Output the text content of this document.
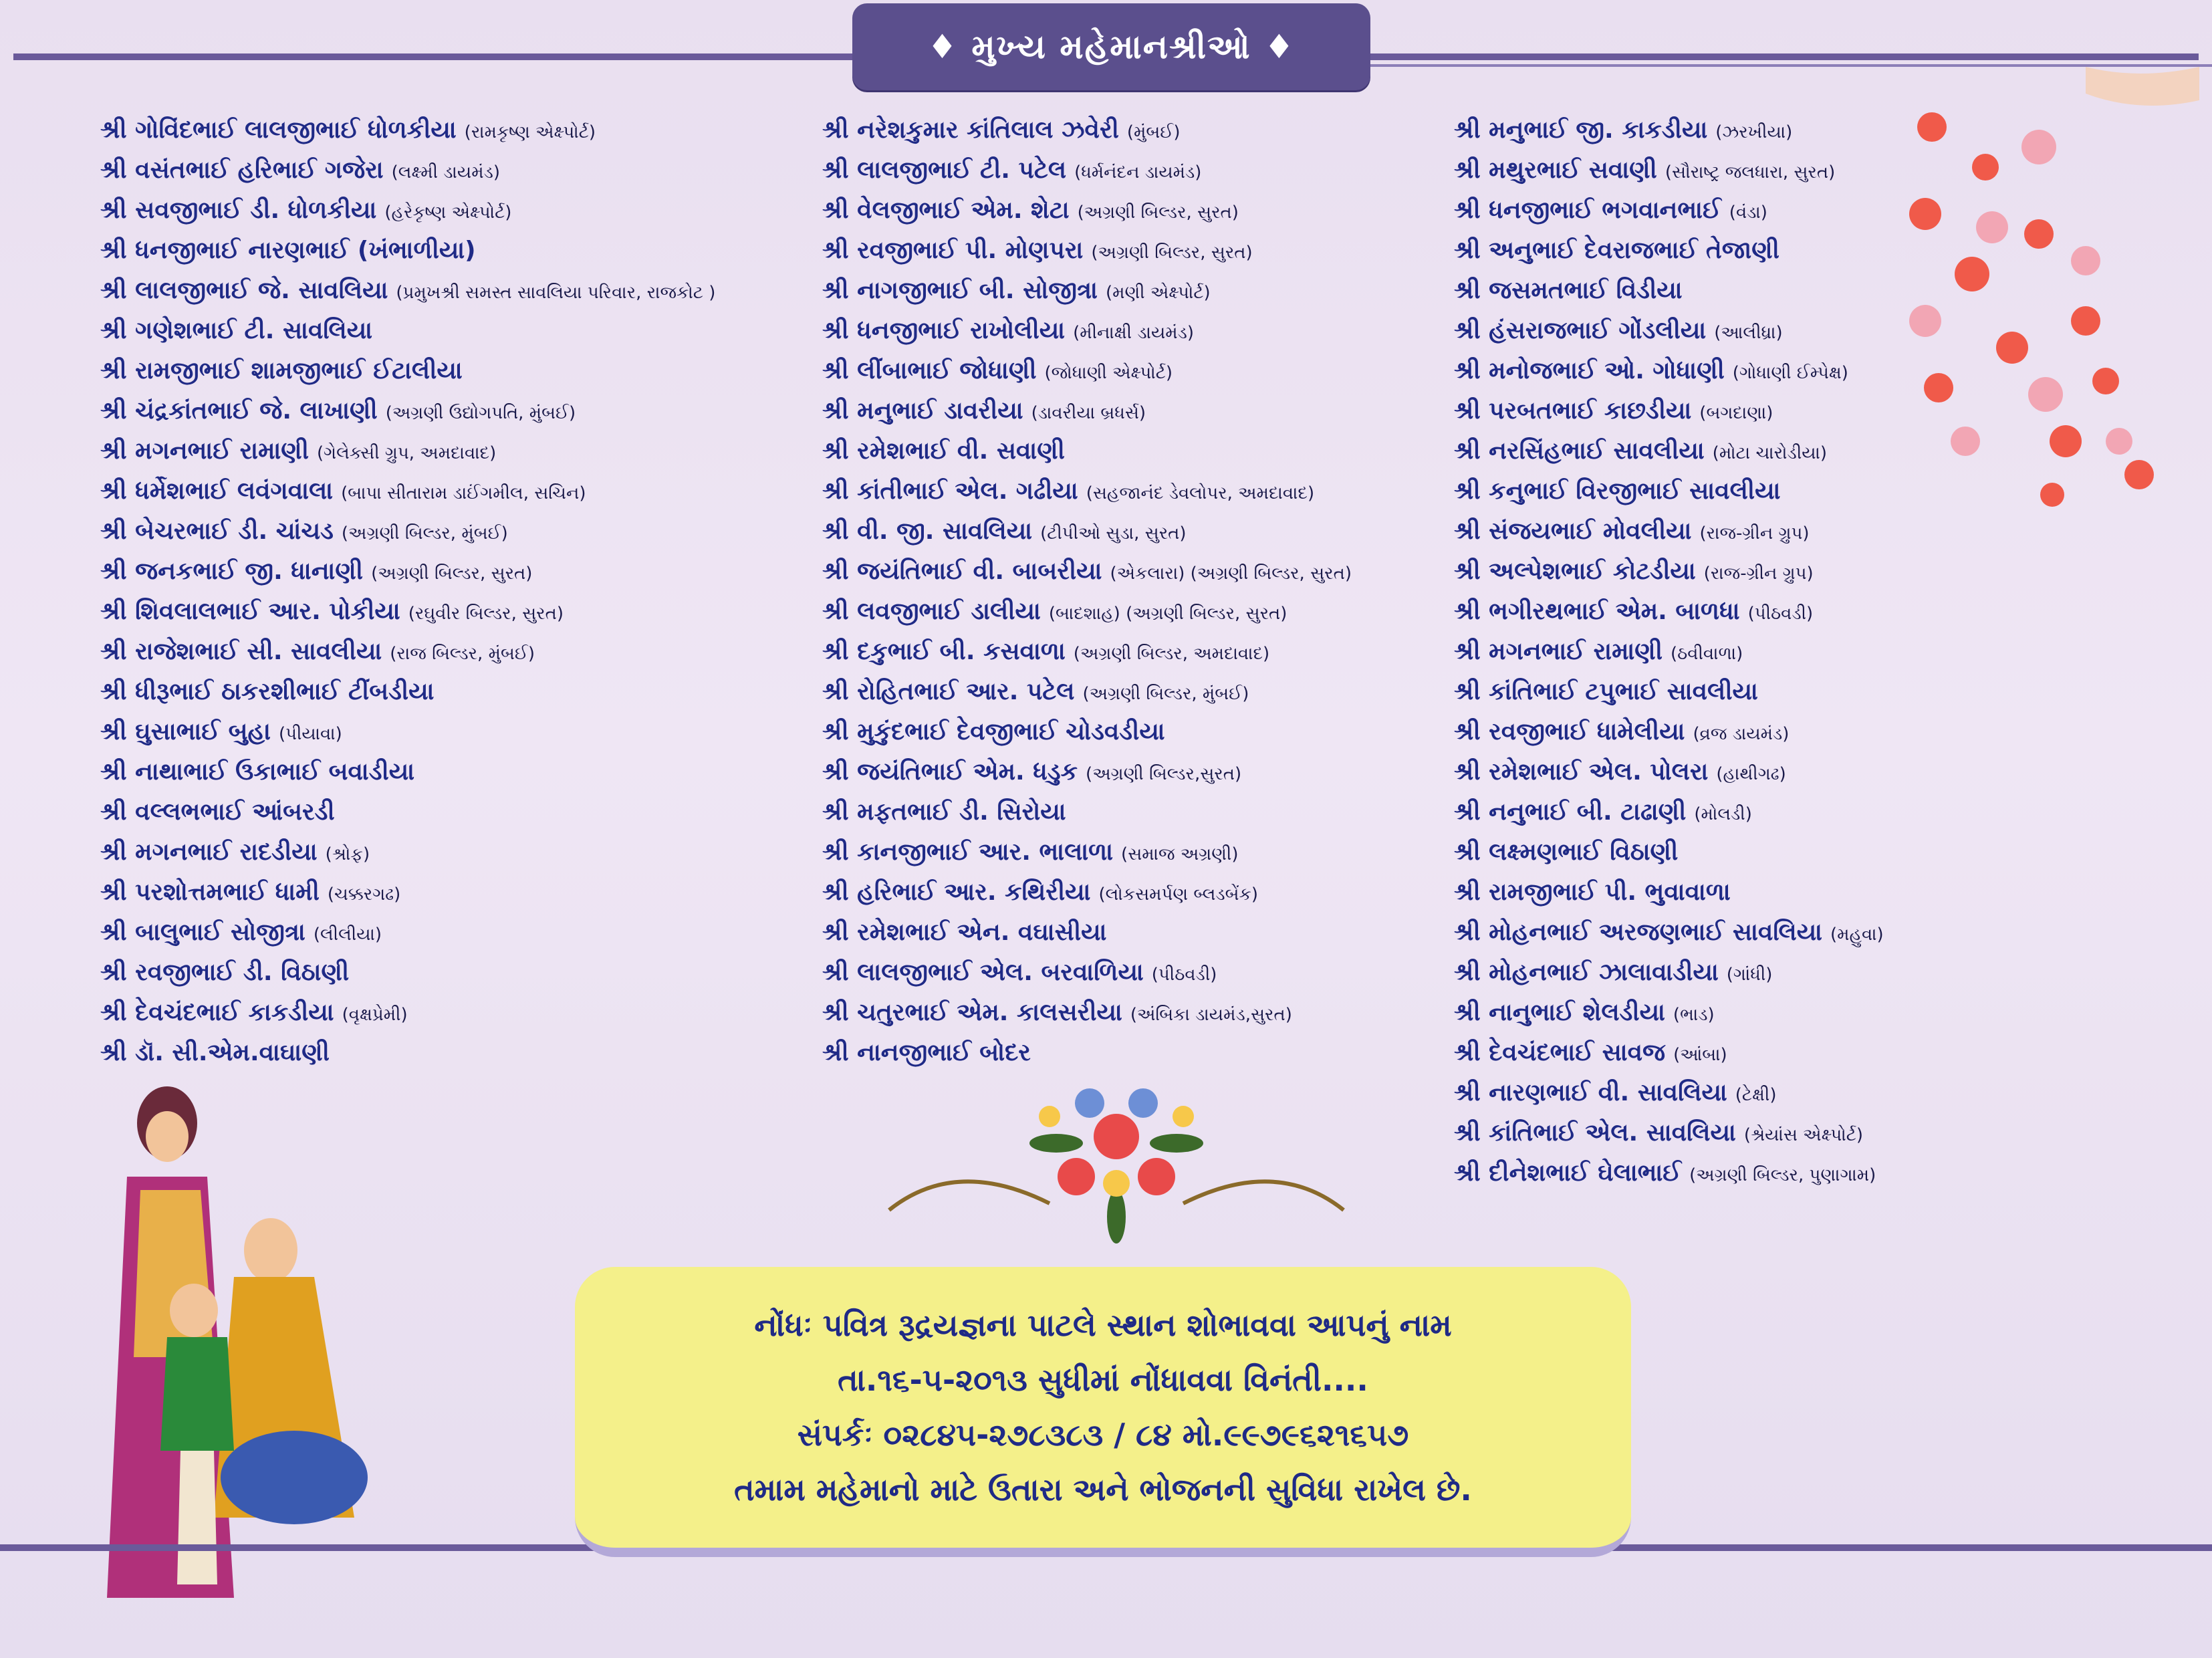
♦ મુખ્ય મહેમાનશ્રીઓ ♦
શ્રી ગોવિંદભાઈ લાલજીભાઈ ધોળકીયા (રામકૃષ્ણ એક્ષ્પોર્ટ)
શ્રી વસંતભાઈ હરિભાઈ ગજેરા (લક્ષ્મી ડાયમંડ)
શ્રી સવજીભાઈ ડી. ધોળકીયા (હરેકૃષ્ણ એક્ષ્પોર્ટ)
શ્રી ધનજીભાઈ નારણભાઈ (ખંભાળીયા)
શ્રી લાલજીભાઈ જે. સાવલિયા (પ્રમુખશ્રી સમસ્ત સાવલિયા પરિવાર, રાજકોટ )
શ્રી ગણેશભાઈ ટી. સાવલિયા
શ્રી રામજીભાઈ શામજીભાઈ ઈટાલીયા
શ્રી ચંદ્રકાંતભાઈ જે. લાખાણી (અગ્રણી ઉદ્યોગપતિ, મુંબઈ)
શ્રી મગનભાઈ રામાણી (ગેલેક્સી ગ્રુપ, અમદાવાદ)
શ્રી ધર્મેશભાઈ લવંગવાલા (બાપા સીતારામ ડાઈંગમીલ, સચિન)
શ્રી બેચરભાઈ ડી. ચાંચડ (અગ્રણી બિલ્ડર, મુંબઈ)
શ્રી જનકભાઈ જી. ધાનાણી (અગ્રણી બિલ્ડર, સુરત)
શ્રી શિવલાલભાઈ આર. પોકીયા (રઘુવીર બિલ્ડર, સુરત)
શ્રી રાજેશભાઈ સી. સાવલીયા (રાજ બિલ્ડર, મુંબઈ)
શ્રી ધીરૂભાઈ ઠાકરશીભાઈ ટીંબડીયા
શ્રી ઘુસાભાઈ બુહા (પીયાવા)
શ્રી નાથાભાઈ ઉકાભાઈ બવાડીયા
શ્રી વલ્લભભાઈ આંબરડી
શ્રી મગનભાઈ રાદડીયા (શ્રોફ)
શ્રી પરશોત્તમભાઈ ધામી (ચક્કરગઢ)
શ્રી બાલુભાઈ સોજીત્રા (લીલીયા)
શ્રી રવજીભાઈ ડી. વિઠાણી
શ્રી દેવચંદભાઈ કાકડીયા (વૃક્ષપ્રેમી)
શ્રી ડૉ. સી.એમ.વાઘાણી
શ્રી નરેશકુમાર કાંતિલાલ ઝવેરી (મુંબઈ)
શ્રી લાલજીભાઈ ટી. પટેલ (ધર્મનંદન ડાયમંડ)
શ્રી વેલજીભાઈ એમ. શેટા (અગ્રણી બિલ્ડર, સુરત)
શ્રી રવજીભાઈ પી. મોણપરા (અગ્રણી બિલ્ડર, સુરત)
શ્રી નાગજીભાઈ બી. સોજીત્રા (મણી એક્ષ્પોર્ટ)
શ્રી ધનજીભાઈ રાખોલીયા (મીનાક્ષી ડાયમંડ)
શ્રી લીંબાભાઈ જોધાણી (જોધાણી એક્ષ્પોર્ટ)
શ્રી મનુભાઈ ડાવરીયા (ડાવરીયા બ્રધર્સ)
શ્રી રમેશભાઈ વી. સવાણી
શ્રી કાંતીભાઈ એલ. ગઢીયા (સહજાનંદ ડેવલોપર, અમદાવાદ)
શ્રી વી. જી. સાવલિયા (ટીપીઓ સુડા, સુરત)
શ્રી જયંતિભાઈ વી. બાબરીયા (એકલારા) (અગ્રણી બિલ્ડર, સુરત)
શ્રી લવજીભાઈ ડાલીયા (બાદશાહ) (અગ્રણી બિલ્ડર, સુરત)
શ્રી દકુભાઈ બી. કસવાળા (અગ્રણી બિલ્ડર, અમદાવાદ)
શ્રી રોહિતભાઈ આર. પટેલ (અગ્રણી બિલ્ડર, મુંબઈ)
શ્રી મુકુંદભાઈ દેવજીભાઈ ચોડવડીયા
શ્રી જયંતિભાઈ એમ. ધડુક (અગ્રણી બિલ્ડર,સુરત)
શ્રી મફતભાઈ ડી. સિરોયા
શ્રી કાનજીભાઈ આર. ભાલાળા (સમાજ અગ્રણી)
શ્રી હરિભાઈ આર. કથિરીયા (લોકસમર્પણ બ્લડબેંક)
શ્રી રમેશભાઈ એન. વઘાસીયા
શ્રી લાલજીભાઈ એલ. બરવાળિયા (પીઠવડી)
શ્રી ચતુરભાઈ એમ. કાલસરીયા (અંબિકા ડાયમંડ,સુરત)
શ્રી નાનજીભાઈ બોદર
શ્રી મનુભાઈ જી. કાકડીયા (ઝરખીયા)
શ્રી મથુરભાઈ સવાણી (સૌરાષ્ટ્ર જલધારા, સુરત)
શ્રી ધનજીભાઈ ભગવાનભાઈ (વંડા)
શ્રી અનુભાઈ દેવરાજભાઈ તેજાણી
શ્રી જસમતભાઈ વિડીયા
શ્રી હંસરાજભાઈ ગોંડલીયા (આલીધ્રા)
શ્રી મનોજભાઈ ઓ. ગોધાણી (ગોધાણી ઈમ્પેક્ષ)
શ્રી પરબતભાઈ કાછડીયા (બગદાણા)
શ્રી નરસિંહભાઈ સાવલીયા (મોટા ચારોડીયા)
શ્રી કનુભાઈ વિરજીભાઈ સાવલીયા
શ્રી સંજયભાઈ મોવલીયા (રાજ-ગ્રીન ગ્રુપ)
શ્રી અલ્પેશભાઈ કોટડીયા (રાજ-ગ્રીન ગ્રુપ)
શ્રી ભગીરથભાઈ એમ. બાળધા (પીઠવડી)
શ્રી મગનભાઈ રામાણી (ઠવીવાળા)
શ્રી કાંતિભાઈ ટપુભાઈ સાવલીયા
શ્રી રવજીભાઈ ધામેલીયા (વ્રજ ડાયમંડ)
શ્રી રમેશભાઈ એલ. પોલરા (હાથીગઢ)
શ્રી નનુભાઈ બી. ટાઢાણી (મોલડી)
શ્રી લક્ષ્મણભાઈ વિઠાણી
શ્રી રામજીભાઈ પી. ભુવાવાળા
શ્રી મોહનભાઈ અરજણભાઈ સાવલિયા (મહુવા)
શ્રી મોહનભાઈ ઝાલાવાડીયા (ગાંધી)
શ્રી નાનુભાઈ શેલડીયા (ભાડ)
શ્રી દેવચંદભાઈ સાવજ (આંબા)
શ્રી નારણભાઈ વી. સાવલિયા (ટેક્ષી)
શ્રી કાંતિભાઈ એલ. સાવલિયા (શ્રેયાંસ એક્ષ્પોર્ટ)
શ્રી દીનેશભાઈ ઘેલાભાઈ (અગ્રણી બિલ્ડર, પુણાગામ)
નોંધઃ પવિત્ર રૂદ્રયજ્ઞના પાટલે સ્થાન શોભાવવા આપનું નામ
તા.૧૬-૫-૨૦૧૩ સુધીમાં નોંધાવવા વિનંતી....
સંપર્કઃ ૦૨૮૪૫-૨૭૮૩૮૩ / ૮૪ મો.૯૯૭૯૬૨૧૬૫૭
તમામ મહેમાનો માટે ઉતારા અને ભોજનની સુવિધા રાખેલ છે.
